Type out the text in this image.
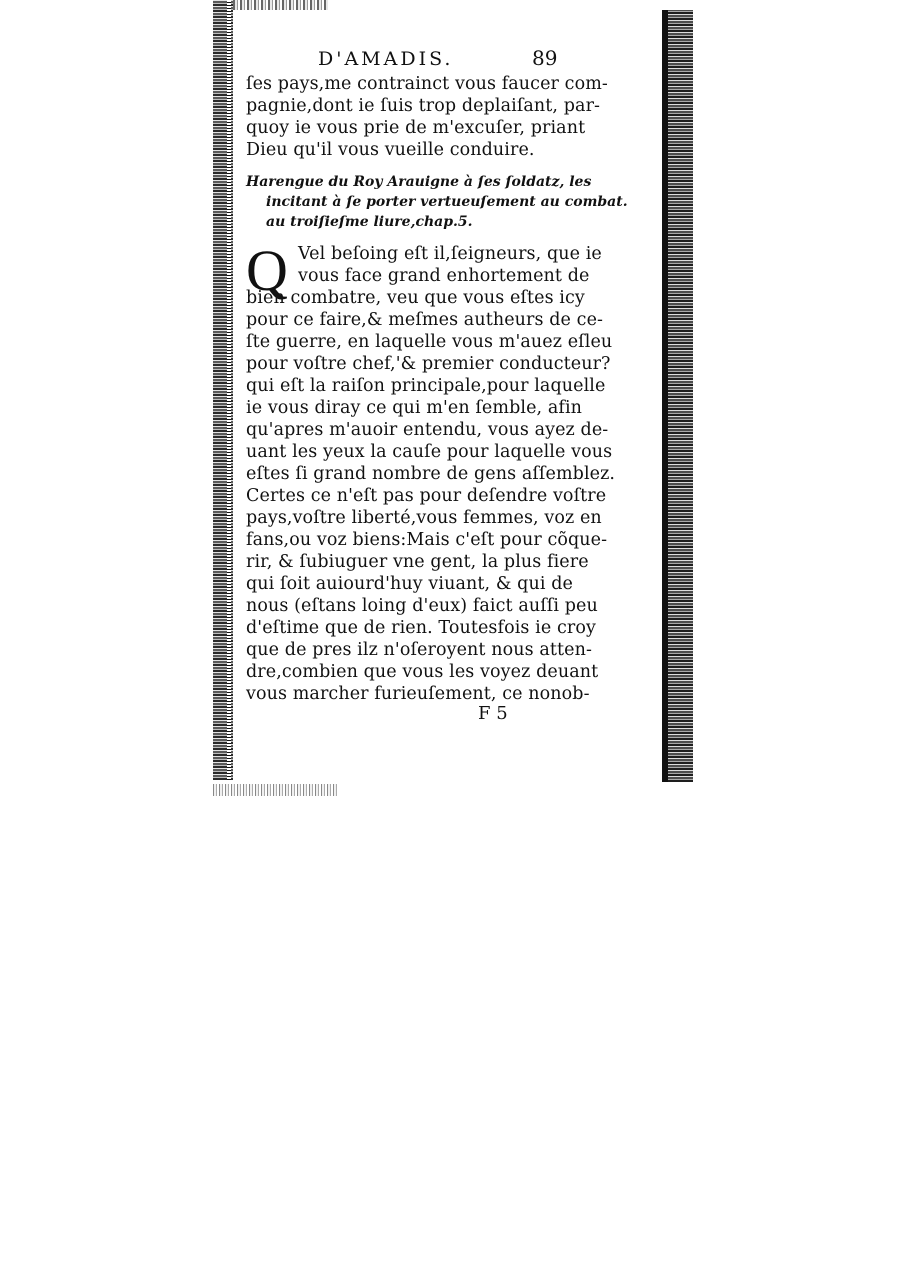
D'AMADIS.	89
ſes pays,me contrainct vous faucer com-
pagnie,dont ie ſuis trop deplaiſant, par-
quoy ie vous prie de m'excuſer, priant
Dieu qu'il vous vueille conduire.
Harengue du Roy Arauigne à ſes ſoldatz, les
incitant à ſe porter vertueuſement au combat.
au troiſieſme liure,chap.5.
Q Vel beſoing eſt il,ſeigneurs, que ie
vous face grand enhortement de
bien combatre, veu que vous eſtes icy
pour ce faire,& meſmes autheurs de ce-
ſte guerre, en laquelle vous m'auez eſleu
pour voſtre chef,'& premier conducteur?
qui eſt la raiſon principale,pour laquelle
ie vous diray ce qui m'en ſemble, afin
qu'apres m'auoir entendu, vous ayez de-
uant les yeux la cauſe pour laquelle vous
eſtes ſi grand nombre de gens aſſemblez.
Certes ce n'eſt pas pour deſendre voſtre
pays,voſtre liberté,vous femmes, voz en
fans,ou voz biens:Mais c'eſt pour cõque-
rir, & ſubiuguer vne gent, la plus fiere
qui ſoit auiourd'huy viuant, & qui de
nous (eſtans loing d'eux) faict auſſi peu
d'eſtime que de rien. Toutesfois ie croy
que de pres ilz n'oſeroyent nous atten-
dre,combien que vous les voyez deuant
vous marcher furieuſement, ce nonob-
F 5
